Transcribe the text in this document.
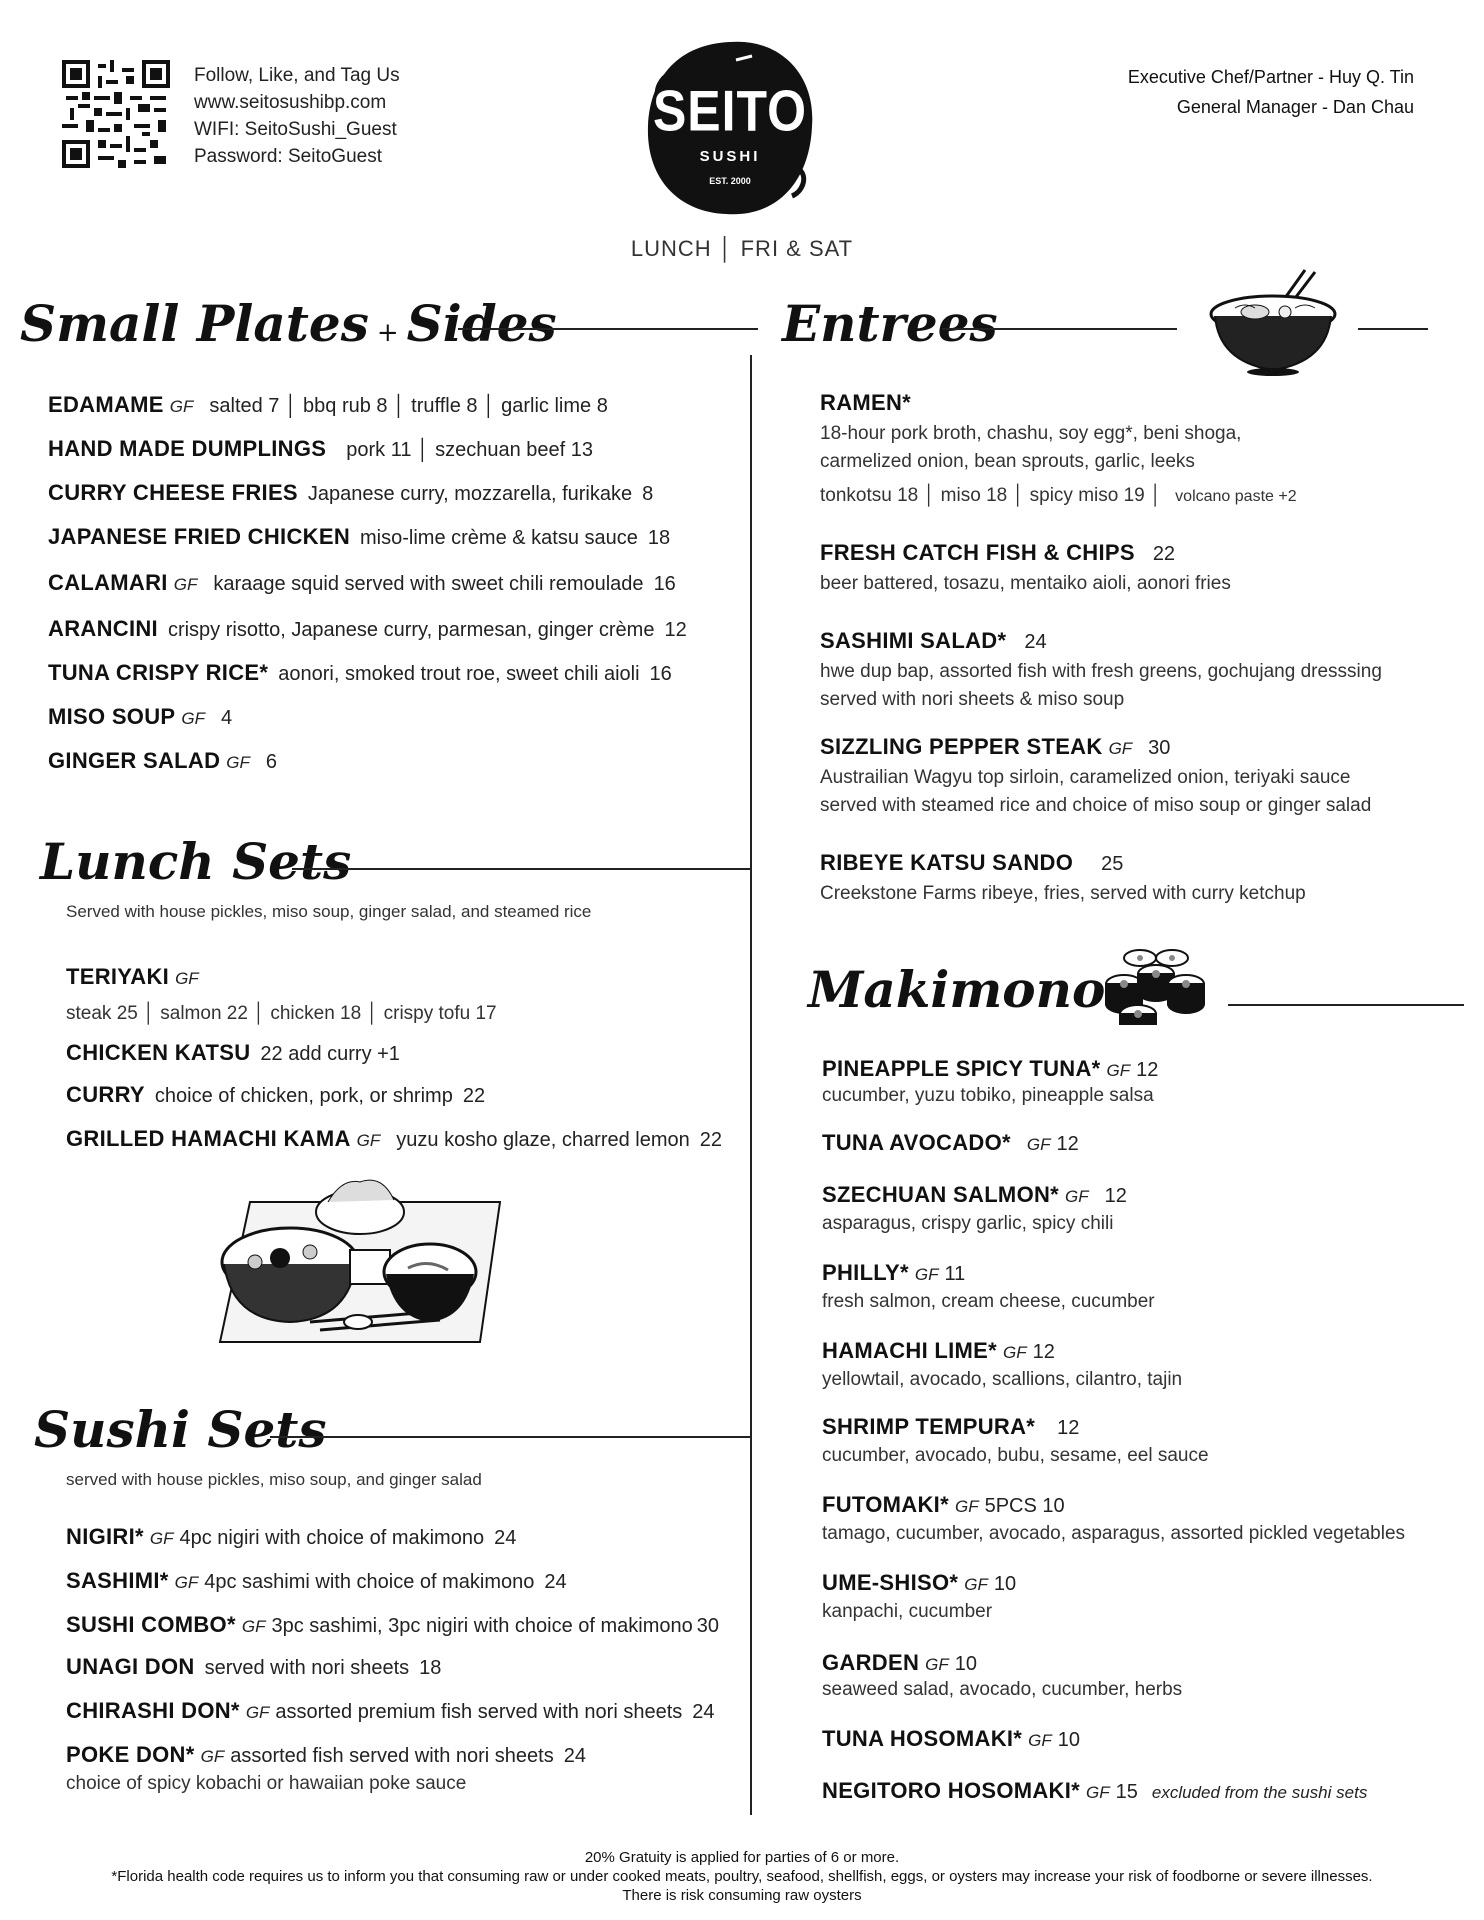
Follow, Like, and Tag Us
www.seitosushibp.com
WIFI: SeitoSushi_Guest
Password: SeitoGuest
SEITO
SUSHI
EST. 2000
Executive Chef/Partner - Huy Q. Tin
General Manager - Dan Chau
LUNCH │ FRI & SAT
Small Plates + Sides	Entrees
EDAMAME GF salted 7 │ bbq rub 8 │ truffle 8 │ garlic lime 8
HAND MADE DUMPLINGS pork 11 │ szechuan beef 13
CURRY CHEESE FRIES Japanese curry, mozzarella, furikake 8
JAPANESE FRIED CHICKEN miso-lime crème & katsu sauce 18
CALAMARI GF karaage squid served with sweet chili remoulade 16
ARANCINI crispy risotto, Japanese curry, parmesan, ginger crème 12
TUNA CRISPY RICE* aonori, smoked trout roe, sweet chili aioli 16
MISO SOUP GF 4
GINGER SALAD GF 6
Lunch Sets
Served with house pickles, miso soup, ginger salad, and steamed rice
TERIYAKI GF
steak 25 │ salmon 22 │ chicken 18 │ crispy tofu 17
CHICKEN KATSU 22 add curry +1
CURRY choice of chicken, pork, or shrimp 22
GRILLED HAMACHI KAMA GF yuzu kosho glaze, charred lemon 22
Sushi Sets
served with house pickles, miso soup, and ginger salad
NIGIRI* GF 4pc nigiri with choice of makimono 24
SASHIMI* GF 4pc sashimi with choice of makimono 24
SUSHI COMBO* GF 3pc sashimi, 3pc nigiri with choice of makimono 30
UNAGI DON served with nori sheets 18
CHIRASHI DON* GF assorted premium fish served with nori sheets 24
POKE DON* GF assorted fish served with nori sheets 24
choice of spicy kobachi or hawaiian poke sauce
RAMEN*
18-hour pork broth, chashu, soy egg*, beni shoga,
carmelized onion, bean sprouts, garlic, leeks
tonkotsu 18 │ miso 18 │ spicy miso 19 │ volcano paste +2
FRESH CATCH FISH & CHIPS 22
beer battered, tosazu, mentaiko aioli, aonori fries
SASHIMI SALAD* 24
hwe dup bap, assorted fish with fresh greens, gochujang dresssing
served with nori sheets & miso soup
SIZZLING PEPPER STEAK GF 30
Austrailian Wagyu top sirloin, caramelized onion, teriyaki sauce
served with steamed rice and choice of miso soup or ginger salad
RIBEYE KATSU SANDO 25
Creekstone Farms ribeye, fries, served with curry ketchup
Makimono
PINEAPPLE SPICY TUNA* GF 12
cucumber, yuzu tobiko, pineapple salsa
TUNA AVOCADO* GF 12
SZECHUAN SALMON* GF 12
asparagus, crispy garlic, spicy chili
PHILLY* GF 11
fresh salmon, cream cheese, cucumber
HAMACHI LIME* GF 12
yellowtail, avocado, scallions, cilantro, tajin
SHRIMP TEMPURA* 12
cucumber, avocado, bubu, sesame, eel sauce
FUTOMAKI* GF 5PCS 10
tamago, cucumber, avocado, asparagus, assorted pickled vegetables
UME-SHISO* GF 10
kanpachi, cucumber
GARDEN GF 10
seaweed salad, avocado, cucumber, herbs
TUNA HOSOMAKI* GF 10
NEGITORO HOSOMAKI* GF 15 excluded from the sushi sets
20% Gratuity is applied for parties of 6 or more.
*Florida health code requires us to inform you that consuming raw or under cooked meats, poultry, seafood, shellfish, eggs, or oysters may increase your risk of foodborne or severe illnesses.
There is risk consuming raw oysters
